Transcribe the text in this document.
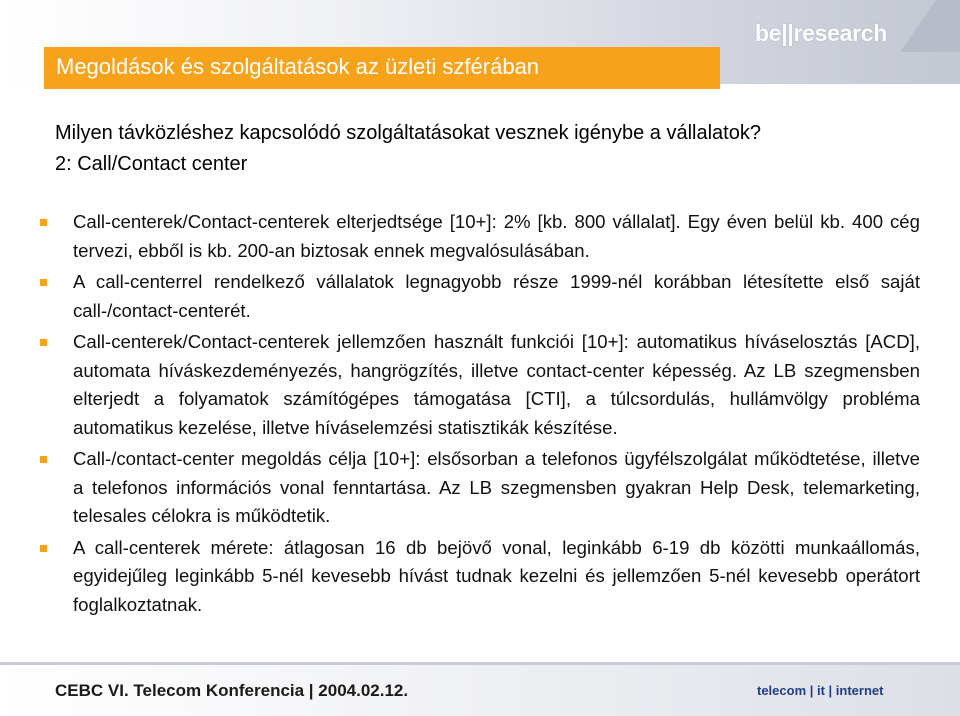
be||research
Megoldások és szolgáltatások az üzleti szférában
Milyen távközléshez kapcsolódó szolgáltatásokat vesznek igénybe a vállalatok?
2: Call/Contact center
Call-centerek/Contact-centerek elterjedtsége [10+]: 2% [kb. 800 vállalat]. Egy éven belül kb. 400 cég tervezi, ebből is kb. 200-an biztosak ennek megvalósulásában.
A call-centerrel rendelkező vállalatok legnagyobb része 1999-nél korábban létesítette első saját call-/contact-centerét.
Call-centerek/Contact-centerek jellemzően használt funkciói [10+]: automatikus híváselosztás [ACD], automata híváskezdeményezés, hangrögzítés, illetve contact-center képesség. Az LB szegmensben elterjedt a folyamatok számítógépes támogatása [CTI], a túlcsordulás, hullámvölgy probléma automatikus kezelése, illetve híváselemzési statisztikák készítése.
Call-/contact-center megoldás célja [10+]: elsősorban a telefonos ügyfélszolgálat működtetése, illetve a telefonos információs vonal fenntartása. Az LB szegmensben gyakran Help Desk, telemarketing, telesales célokra is működtetik.
A call-centerek mérete: átlagosan 16 db bejövő vonal, leginkább 6-19 db közötti munkaállomás, egyidejűleg leginkább 5-nél kevesebb hívást tudnak kezelni és jellemzően 5-nél kevesebb operátort foglalkoztatnak.
CEBC VI. Telecom Konferencia | 2004.02.12.	telecom | it | internet
